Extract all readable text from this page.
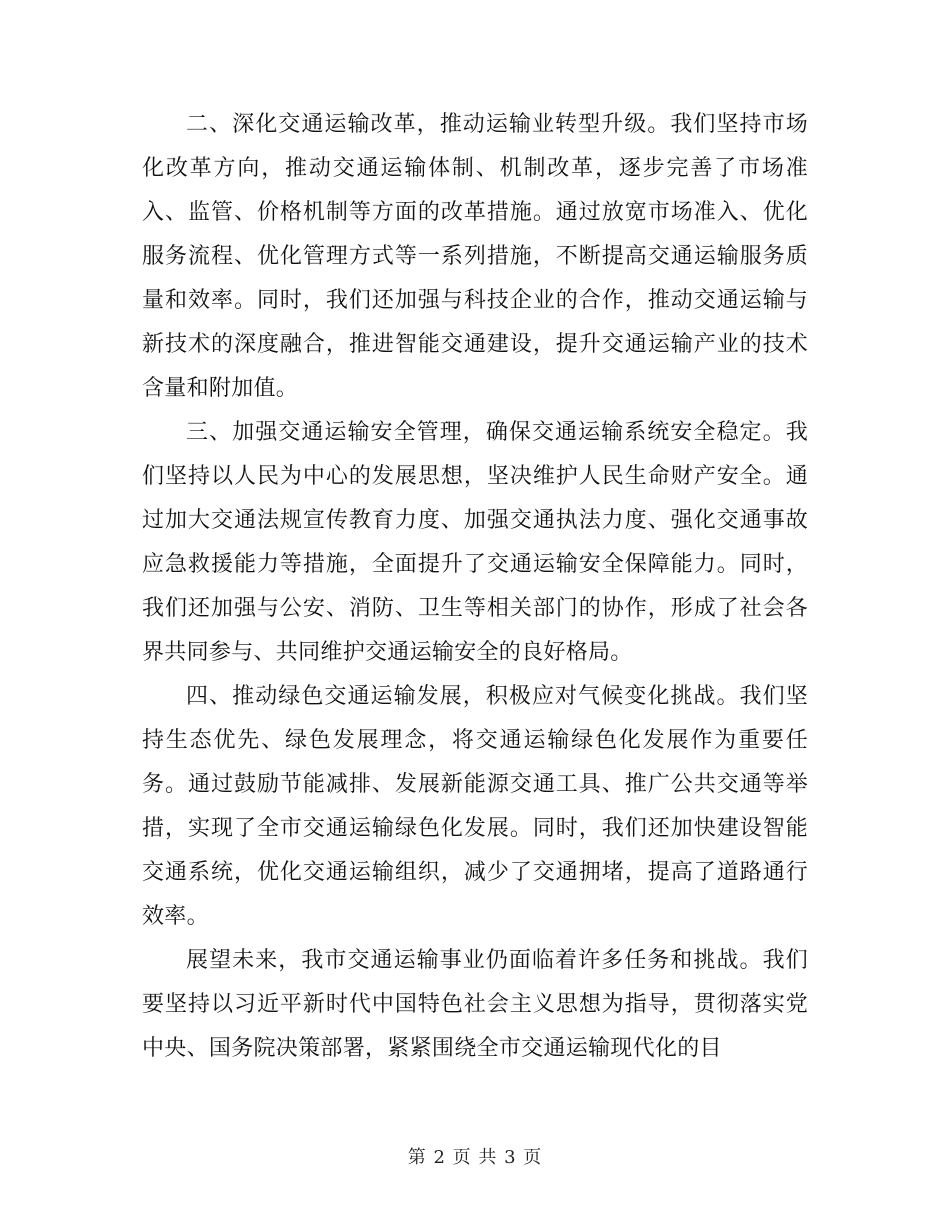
二、深化交通运输改革，推动运输业转型升级。我们坚持市场化改革方向，推动交通运输体制、机制改革，逐步完善了市场准入、监管、价格机制等方面的改革措施。通过放宽市场准入、优化服务流程、优化管理方式等一系列措施，不断提高交通运输服务质量和效率。同时，我们还加强与科技企业的合作，推动交通运输与新技术的深度融合，推进智能交通建设，提升交通运输产业的技术含量和附加值。

三、加强交通运输安全管理，确保交通运输系统安全稳定。我们坚持以人民为中心的发展思想，坚决维护人民生命财产安全。通过加大交通法规宣传教育力度、加强交通执法力度、强化交通事故应急救援能力等措施，全面提升了交通运输安全保障能力。同时，我们还加强与公安、消防、卫生等相关部门的协作，形成了社会各界共同参与、共同维护交通运输安全的良好格局。

四、推动绿色交通运输发展，积极应对气候变化挑战。我们坚持生态优先、绿色发展理念，将交通运输绿色化发展作为重要任务。通过鼓励节能减排、发展新能源交通工具、推广公共交通等举措，实现了全市交通运输绿色化发展。同时，我们还加快建设智能交通系统，优化交通运输组织，减少了交通拥堵，提高了道路通行效率。

展望未来，我市交通运输事业仍面临着许多任务和挑战。我们要坚持以习近平新时代中国特色社会主义思想为指导，贯彻落实党中央、国务院决策部署，紧紧围绕全市交通运输现代化的目

第 2 页 共 3 页
